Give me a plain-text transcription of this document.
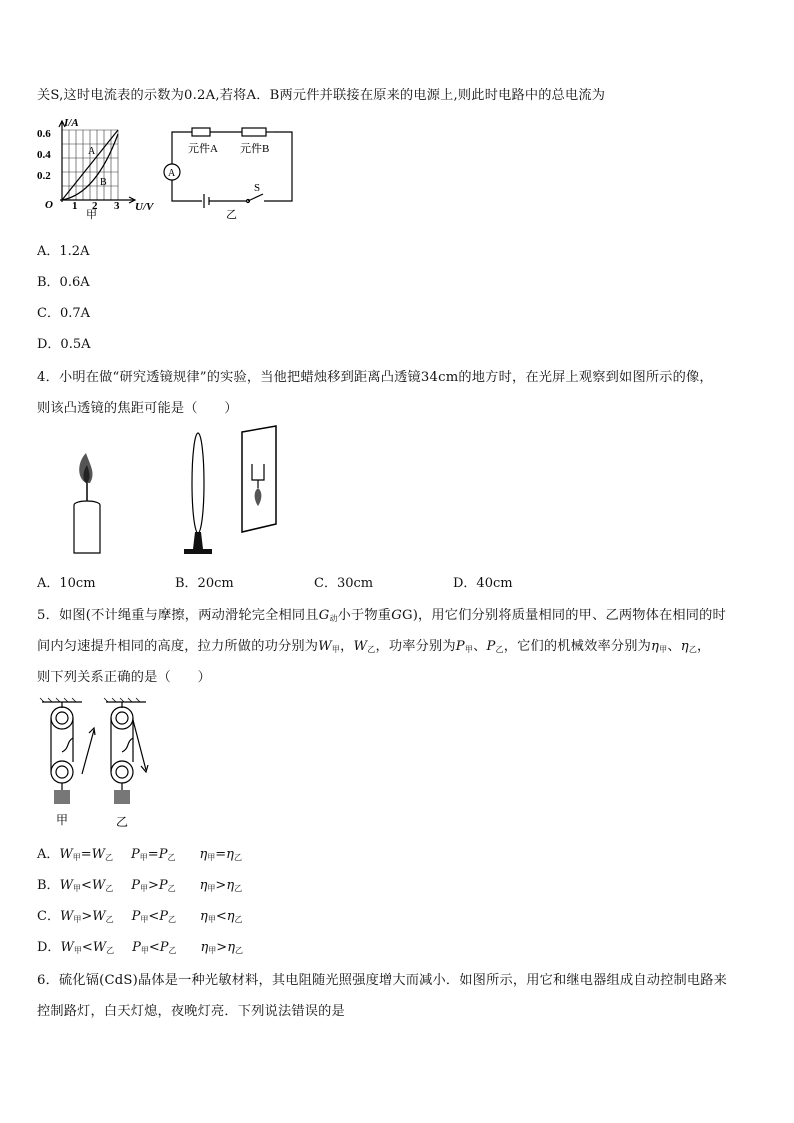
关S,这时电流表的示数为0.2A,若将A．B两元件并联接在原来的电源上,则此时电路中的总电流为
I/A
U/V
0.6
0.4
0.2
O 1 2 3
A
B
甲
元件A 元件B
A
S
乙
A．1.2A
B．0.6A
C．0.7A
D．0.5A
4．小明在做“研究透镜规律”的实验，当他把蜡烛移到距离凸透镜34cm的地方时，在光屏上观察到如图所示的像，
则该凸透镜的焦距可能是（　　）
A．10cm	B．20cm	C．30cm	D．40cm
5．如图(不计绳重与摩擦，两动滑轮完全相同且$G_动$小于物重GG)，用它们分别将质量相同的甲、乙两物体在相同的时
间内匀速提升相同的高度，拉力所做的功分别为$W_甲$，$W_乙$，功率分别为$P_甲$、$P_乙$，它们的机械效率分别为$\eta_甲$、$\eta_乙$，
则下列关系正确的是（　　）
甲	乙
A．$W_甲=W_乙$ $P_甲=P_乙$ $\eta_甲=\eta_乙$
B．$W_甲<W_乙$ $P_甲>P_乙$ $\eta_甲>\eta_乙$
C．$W_甲>W_乙$ $P_甲<P_乙$ $\eta_甲<\eta_乙$
D．$W_甲<W_乙$ $P_甲<P_乙$ $\eta_甲>\eta_乙$
6．硫化镉(CdS)晶体是一种光敏材料，其电阻随光照强度增大而减小．如图所示，用它和继电器组成自动控制电路来
控制路灯，白天灯熄，夜晚灯亮．下列说法错误的是
